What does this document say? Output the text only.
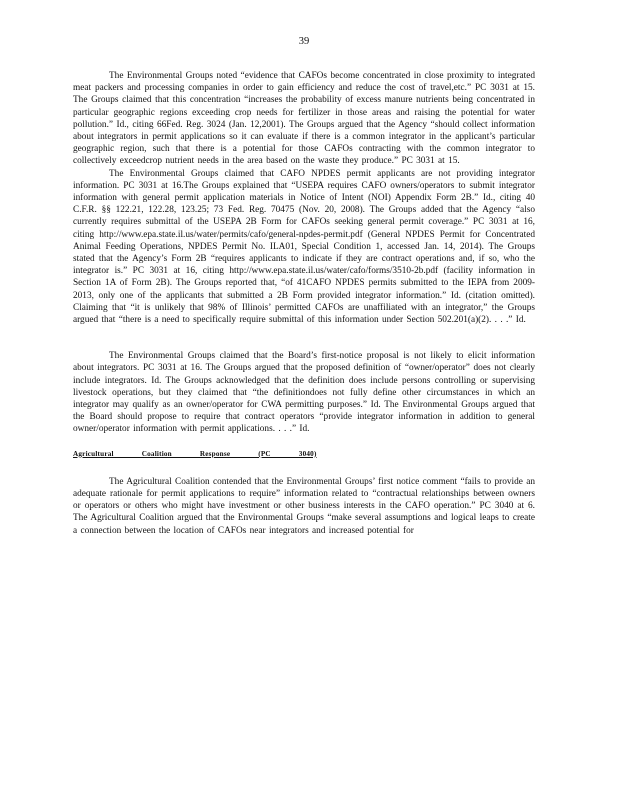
39

The Environmental Groups noted “evidence that CAFOs become concentrated in close proximity to integrated meat packers and processing companies in order to gain efficiency and reduce the cost of travel,etc.” PC 3031 at 15. The Groups claimed that this concentration “increases the probability of excess manure nutrients being concentrated in particular geographic regions exceeding crop needs for fertilizer in those areas and raising the potential for water pollution.” Id., citing 66Fed. Reg. 3024 (Jan. 12,2001). The Groups argued that the Agency “should collect information about integrators in permit applications so it can evaluate if there is a common integrator in the applicant’s particular geographic region, such that there is a potential for those CAFOs contracting with the common integrator to collectively exceedcrop nutrient needs in the area based on the waste they produce.” PC 3031 at 15.

The Environmental Groups claimed that CAFO NPDES permit applicants are not providing integrator information. PC 3031 at 16.The Groups explained that “USEPA requires CAFO owners/operators to submit integrator information with general permit application materials in Notice of Intent (NOI) Appendix Form 2B.” Id., citing 40 C.F.R. §§ 122.21, 122.28, 123.25; 73 Fed. Reg. 70475 (Nov. 20, 2008). The Groups added that the Agency “also currently requires submittal of the USEPA 2B Form for CAFOs seeking general permit coverage.” PC 3031 at 16, citing http://www.epa.state.il.us/water/permits/cafo/general-npdes-permit.pdf (General NPDES Permit for Concentrated Animal Feeding Operations, NPDES Permit No. ILA01, Special Condition 1, accessed Jan. 14, 2014). The Groups stated that the Agency’s Form 2B “requires applicants to indicate if they are contract operations and, if so, who the integrator is.” PC 3031 at 16, citing http://www.epa.state.il.us/water/cafo/forms/3510-2b.pdf (facility information in Section 1A of Form 2B). The Groups reported that, “of 41CAFO NPDES permits submitted to the IEPA from 2009-2013, only one of the applicants that submitted a 2B Form provided integrator information.” Id. (citation omitted). Claiming that “it is unlikely that 98% of Illinois’ permitted CAFOs are unaffiliated with an integrator,” the Groups argued that “there is a need to specifically require submittal of this information under Section 502.201(a)(2). . . .” Id.

The Environmental Groups claimed that the Board’s first-notice proposal is not likely to elicit information about integrators. PC 3031 at 16. The Groups argued that the proposed definition of “owner/operator” does not clearly include integrators. Id. The Groups acknowledged that the definition does include persons controlling or supervising livestock operations, but they claimed that “the definitiondoes not fully define other circumstances in which an integrator may qualify as an owner/operator for CWA permitting purposes.” Id. The Environmental Groups argued that the Board should propose to require that contract operators “provide integrator information in addition to general owner/operator information with permit applications. . . .” Id.

Agricultural Coalition Response (PC 3040)

The Agricultural Coalition contended that the Environmental Groups’ first notice comment “fails to provide an adequate rationale for permit applications to require” information related to “contractual relationships between owners or operators or others who might have investment or other business interests in the CAFO operation.” PC 3040 at 6. The Agricultural Coalition argued that the Environmental Groups “make several assumptions and logical leaps to create a connection between the location of CAFOs near integrators and increased potential for
